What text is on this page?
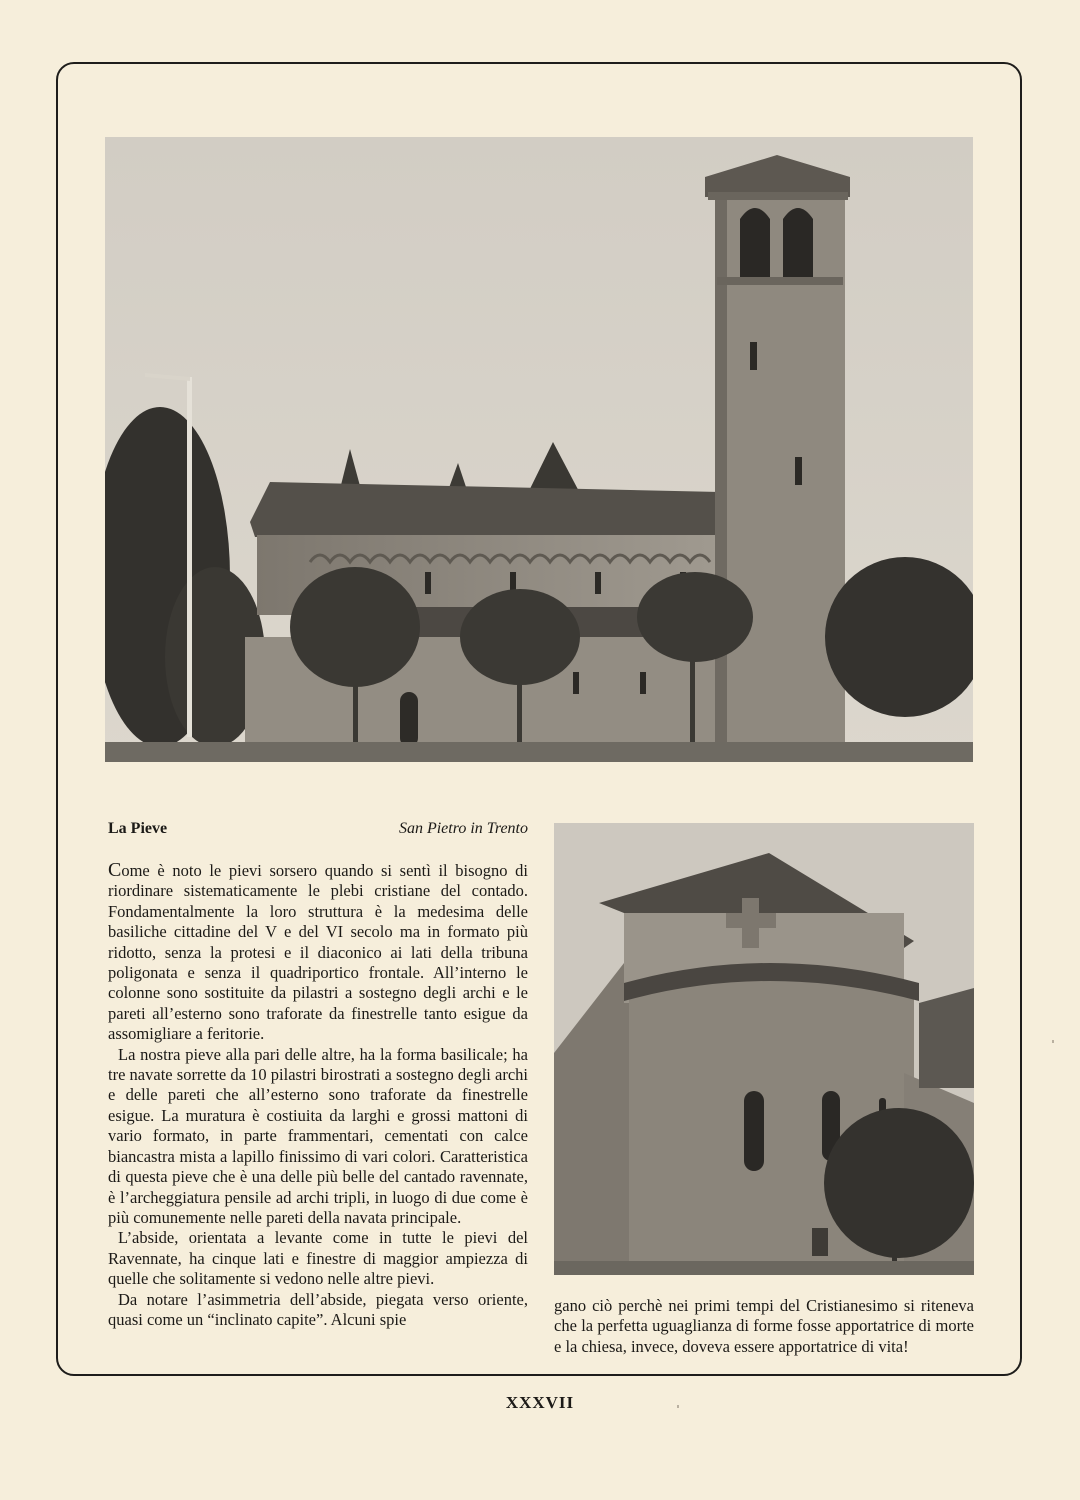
La Pieve	San Pietro in Trento

Come è noto le pievi sorsero quando si sentì il bisogno di riordinare sistematicamente le plebi cristiane del contado. Fondamentalmente la loro struttura è la medesima delle basiliche cittadine del V e del VI secolo ma in formato più ridotto, senza la protesi e il diaconico ai lati della tribuna poligonata e senza il quadriportico frontale. All’interno le colonne sono sostituite da pilastri a sostegno degli archi e le pareti all’esterno sono traforate da finestrelle tanto esigue da assomigliare a feritorie.

La nostra pieve alla pari delle altre, ha la forma basilicale; ha tre navate sorrette da 10 pilastri birostrati a sostegno degli archi e delle pareti che all’esterno sono traforate da finestrelle esigue. La muratura è costiuita da larghi e grossi mattoni di vario formato, in parte frammentari, cementati con calce biancastra mista a lapillo finissimo di vari colori. Caratteristica di questa pieve che è una delle più belle del cantado ravennate, è l’archeggiatura pensile ad archi tripli, in luogo di due come è più comunemente nelle pareti della navata principale.

L’abside, orientata a levante come in tutte le pievi del Ravennate, ha cinque lati e finestre di maggior ampiezza di quelle che solitamente si vedono nelle altre pievi.

Da notare l’asimmetria dell’abside, piegata verso oriente, quasi come un “inclinato capite”. Alcuni spie

gano ciò perchè nei primi tempi del Cristianesimo si riteneva che la perfetta uguaglianza di forme fosse apportatrice di morte e la chiesa, invece, doveva essere apportatrice di vita!

XXXVII
